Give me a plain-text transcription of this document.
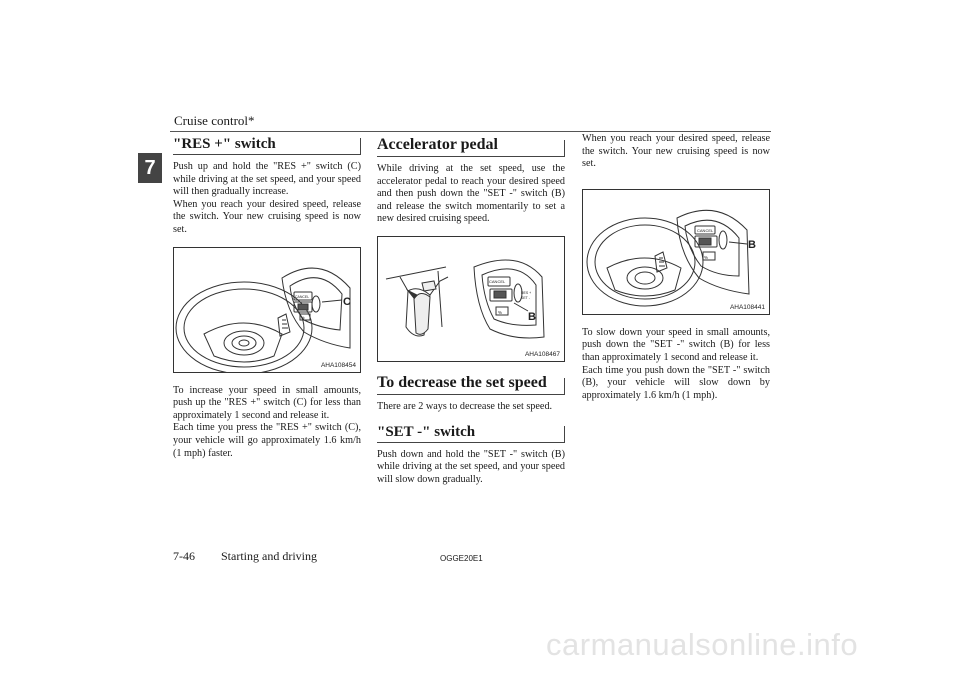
Cruise control*
7
"RES +" switch

Push up and hold the "RES +" switch (C) while driving at the set speed, and your speed will then gradually increase.

When you reach your desired speed, release the switch. Your new cruising speed is now set.

CANCEL
%
C
AHA108454

To increase your speed in small amounts, push up the "RES +" switch (C) for less than approximately 1 second and release it.

Each time you press the "RES +" switch (C), your vehicle will go approximately 1.6 km/h (1 mph) faster.

Accelerator pedal

While driving at the set speed, use the accelerator pedal to reach your desired speed and then push down the "SET -" switch (B) and release the switch momentarily to set a new desired cruising speed.

CANCEL
RES +
SET -
% B
AHA108467
To decrease the set speed

There are 2 ways to decrease the set speed.

"SET -" switch

Push down and hold the "SET -" switch (B) while driving at the set speed, and your speed will slow down gradually.

When you reach your desired speed, release the switch. Your new cruising speed is now set.

CANCEL
%
B
AHA108441

To slow down your speed in small amounts, push down the "SET -" switch (B) for less than approximately 1 second and release it.

Each time you push down the "SET -" switch (B), your vehicle will slow down by approximately 1.6 km/h (1 mph).

7-46 Starting and driving	OGGE20E1
carmanualsonline.info
